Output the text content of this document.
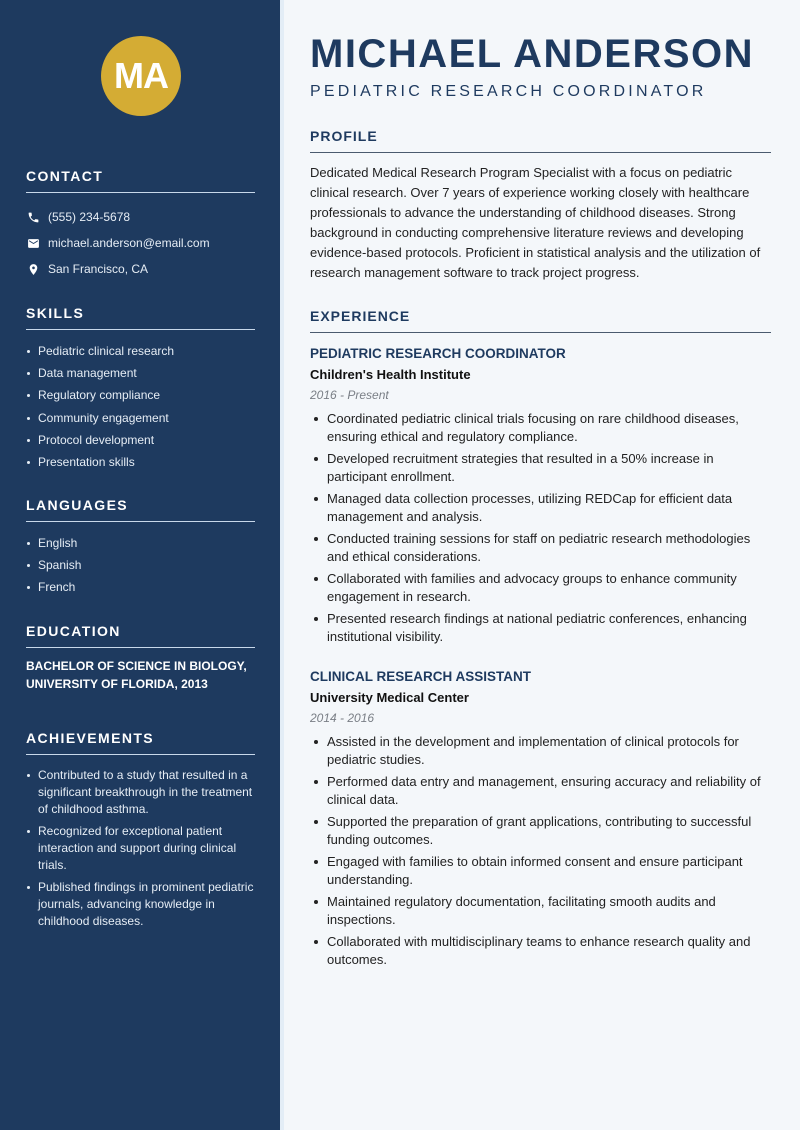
MA
CONTACT
(555) 234-5678
michael.anderson@email.com
San Francisco, CA
SKILLS
Pediatric clinical research
Data management
Regulatory compliance
Community engagement
Protocol development
Presentation skills
LANGUAGES
English
Spanish
French
EDUCATION

BACHELOR OF SCIENCE IN BIOLOGY, UNIVERSITY OF FLORIDA, 2013

ACHIEVEMENTS
Contributed to a study that resulted in a significant breakthrough in the treatment of childhood asthma.
Recognized for exceptional patient interaction and support during clinical trials.
Published findings in prominent pediatric journals, advancing knowledge in childhood diseases.
MICHAEL ANDERSON
PEDIATRIC RESEARCH COORDINATOR
PROFILE

Dedicated Medical Research Program Specialist with a focus on pediatric clinical research. Over 7 years of experience working closely with healthcare professionals to advance the understanding of childhood diseases. Strong background in conducting comprehensive literature reviews and developing evidence-based protocols. Proficient in statistical analysis and the utilization of research management software to track project progress.

EXPERIENCE
PEDIATRIC RESEARCH COORDINATOR
Children's Health Institute
2016 - Present
Coordinated pediatric clinical trials focusing on rare childhood diseases, ensuring ethical and regulatory compliance.
Developed recruitment strategies that resulted in a 50% increase in participant enrollment.
Managed data collection processes, utilizing REDCap for efficient data management and analysis.
Conducted training sessions for staff on pediatric research methodologies and ethical considerations.
Collaborated with families and advocacy groups to enhance community engagement in research.
Presented research findings at national pediatric conferences, enhancing institutional visibility.
CLINICAL RESEARCH ASSISTANT
University Medical Center
2014 - 2016
Assisted in the development and implementation of clinical protocols for pediatric studies.
Performed data entry and management, ensuring accuracy and reliability of clinical data.
Supported the preparation of grant applications, contributing to successful funding outcomes.
Engaged with families to obtain informed consent and ensure participant understanding.
Maintained regulatory documentation, facilitating smooth audits and inspections.
Collaborated with multidisciplinary teams to enhance research quality and outcomes.
